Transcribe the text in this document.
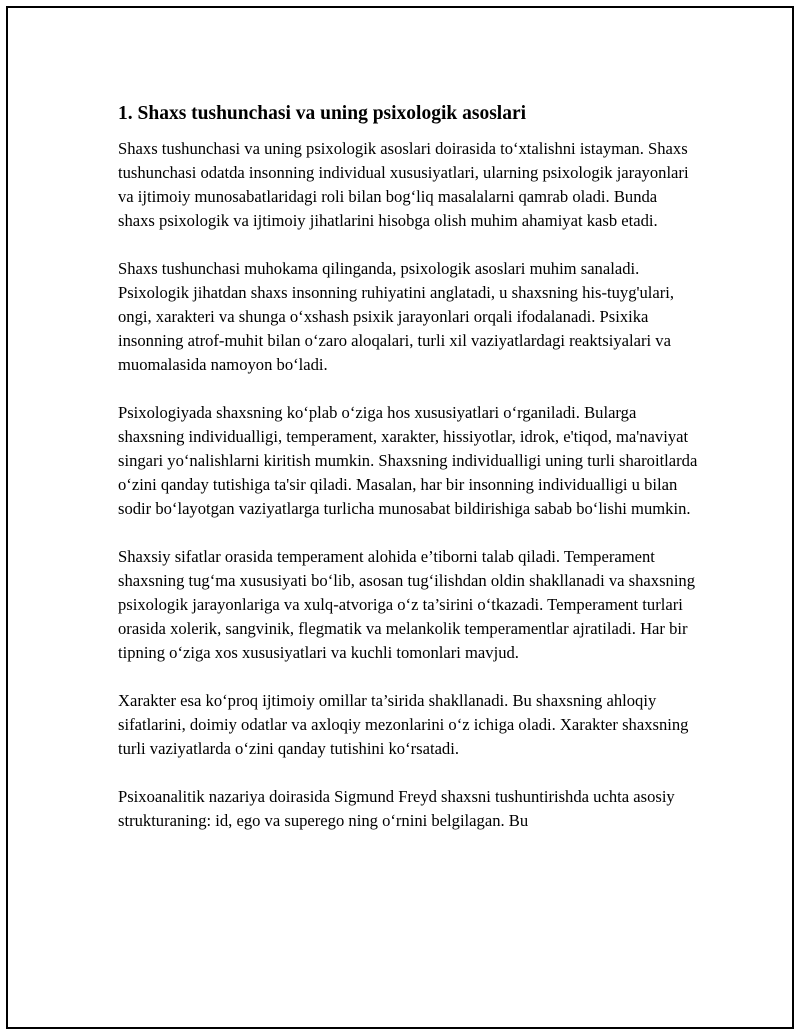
1. Shaxs tushunchasi va uning psixologik asoslari

Shaxs tushunchasi va uning psixologik asoslari doirasida to‘xtalishni istayman. Shaxs tushunchasi odatda insonning individual xususiyatlari, ularning psixologik jarayonlari va ijtimoiy munosabatlaridagi roli bilan bog‘liq masalalarni qamrab oladi. Bunda shaxs psixologik va ijtimoiy jihatlarini hisobga olish muhim ahamiyat kasb etadi.

Shaxs tushunchasi muhokama qilinganda, psixologik asoslari muhim sanaladi. Psixologik jihatdan shaxs insonning ruhiyatini anglatadi, u shaxsning his-tuyg'ulari, ongi, xarakteri va shunga o‘xshash psixik jarayonlari orqali ifodalanadi. Psixika insonning atrof-muhit bilan o‘zaro aloqalari, turli xil vaziyatlardagi reaktsiyalari va muomalasida namoyon bo‘ladi.

Psixologiyada shaxsning ko‘plab o‘ziga hos xususiyatlari o‘rganiladi. Bularga shaxsning individualligi, temperament, xarakter, hissiyotlar, idrok, e'tiqod, ma'naviyat singari yo‘nalishlarni kiritish mumkin. Shaxsning individualligi uning turli sharoitlarda o‘zini qanday tutishiga ta'sir qiladi. Masalan, har bir insonning individualligi u bilan sodir bo‘layotgan vaziyatlarga turlicha munosabat bildirishiga sabab bo‘lishi mumkin.

Shaxsiy sifatlar orasida temperament alohida e’tiborni talab qiladi. Temperament shaxsning tug‘ma xususiyati bo‘lib, asosan tug‘ilishdan oldin shakllanadi va shaxsning psixologik jarayonlariga va xulq-atvoriga o‘z ta’sirini o‘tkazadi. Temperament turlari orasida xolerik, sangvinik, flegmatik va melankolik temperamentlar ajratiladi. Har bir tipning o‘ziga xos xususiyatlari va kuchli tomonlari mavjud.

Xarakter esa ko‘proq ijtimoiy omillar ta’sirida shakllanadi. Bu shaxsning ahloqiy sifatlarini, doimiy odatlar va axloqiy mezonlarini o‘z ichiga oladi. Xarakter shaxsning turli vaziyatlarda o‘zini qanday tutishini ko‘rsatadi.

Psixoanalitik nazariya doirasida Sigmund Freyd shaxsni tushuntirishda uchta asosiy strukturaning: id, ego va superego ning o‘rnini belgilagan. Bu
